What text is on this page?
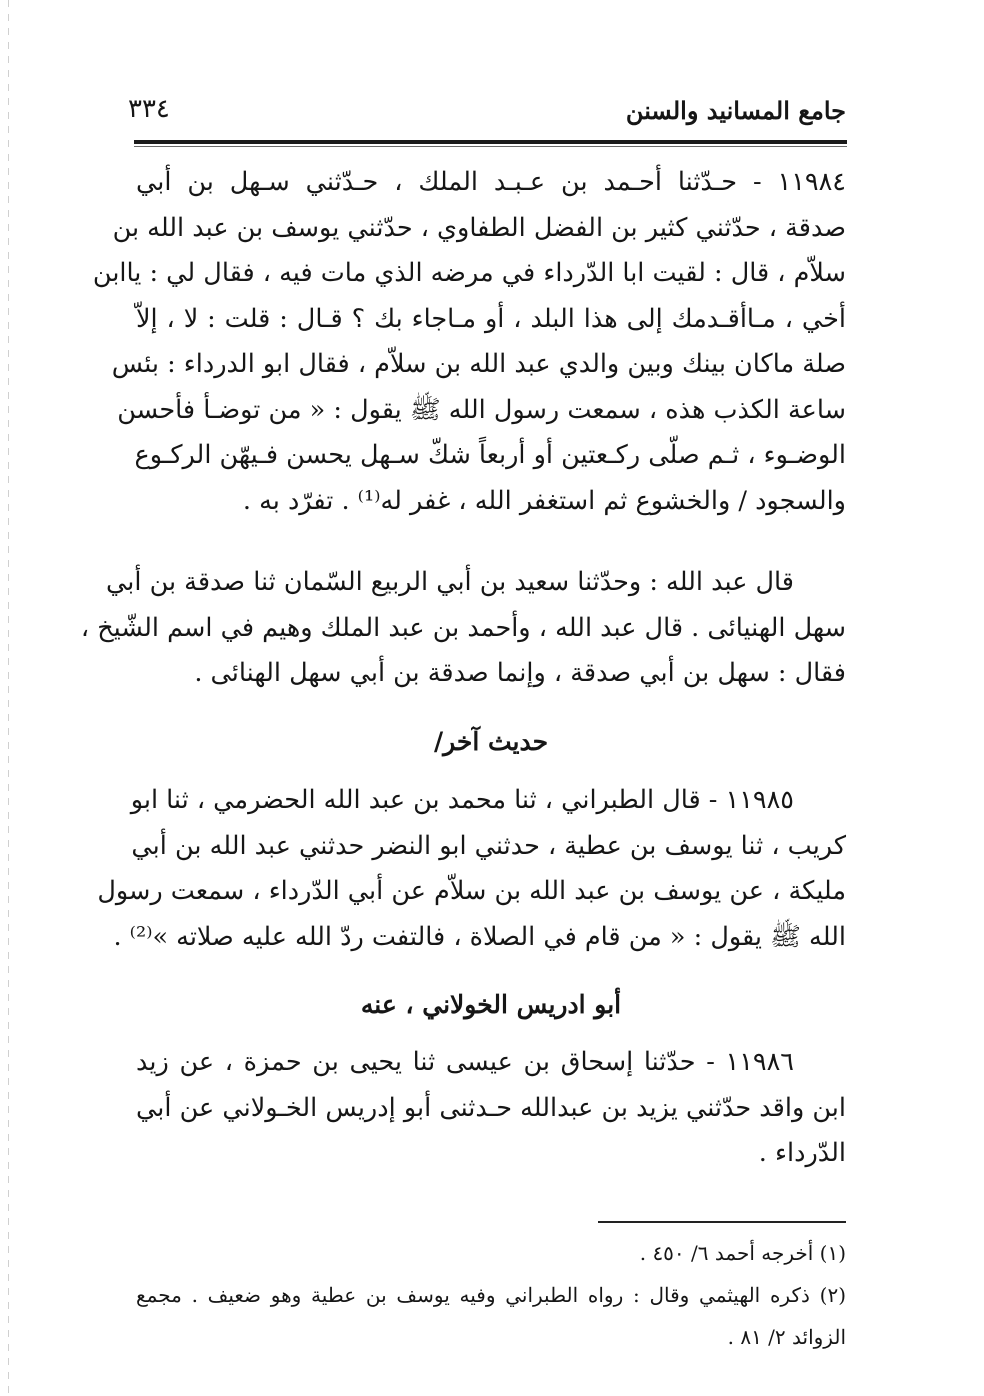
جامع المسانيد والسنن
٣٣٤
١١٩٨٤ - حـدّثنا أحـمد بن عـبـد الملك ، حـدّثني سـهل بن أبي
صدقة ، حدّثني كثير بن الفضل الطفاوي ، حدّثني يوسف بن عبد الله بن
سلاّم ، قال : لقيت ابا الدّرداء في مرضه الذي مات فيه ، فقال لي : ياابن
أخي ، مـاأقـدمك إلى هذا البلد ، أو مـاجاء بك ؟ قـال : قلت : لا ، إلاّ
صلة ماكان بينك وبين والدي عبد الله بن سلاّم ، فقال ابو الدرداء : بئس
ساعة الكذب هذه ، سمعت رسول الله ﷺ يقول : « من توضـأ فأحسن
الوضـوء ، ثـم صلّى ركـعتين أو أربعاً شكّ سـهل يحسن فـيهّن الركـوع
والسجود / والخشوع ثم استغفر الله ، غفر له⁽¹⁾ . تفرّد به .
قال عبد الله : وحدّثنا سعيد بن أبي الربيع السّمان ثنا صدقة بن أبي
سهل الهنيائى . قال عبد الله ، وأحمد بن عبد الملك وهيم في اسم الشّيخ ،
فقال : سهل بن أبي صدقة ، وإنما صدقة بن أبي سهل الهنائى .
حديث آخر/
١١٩٨٥ - قال الطبراني ، ثنا محمد بن عبد الله الحضرمي ، ثنا ابو
كريب ، ثنا يوسف بن عطية ، حدثني ابو النضر حدثني عبد الله بن أبي
مليكة ، عن يوسف بن عبد الله بن سلاّم عن أبي الدّرداء ، سمعت رسول
الله ﷺ يقول : « من قام في الصلاة ، فالتفت ردّ الله عليه صلاته »⁽²⁾ .
أبو ادريس الخولاني ، عنه
١١٩٨٦ - حدّثنا إسحاق بن عيسى ثنا يحيى بن حمزة ، عن زيد
ابن واقد حدّثني يزيد بن عبدالله حـدثنى أبو إدريس الخـولاني عن أبي
الدّرداء .
(١) أخرجه أحمد ٦/ ٤٥٠ .
(٢) ذكره الهيثمي وقال : رواه الطبراني وفيه يوسف بن عطية وهو ضعيف . مجمع
الزوائد ٢/ ٨١ .
